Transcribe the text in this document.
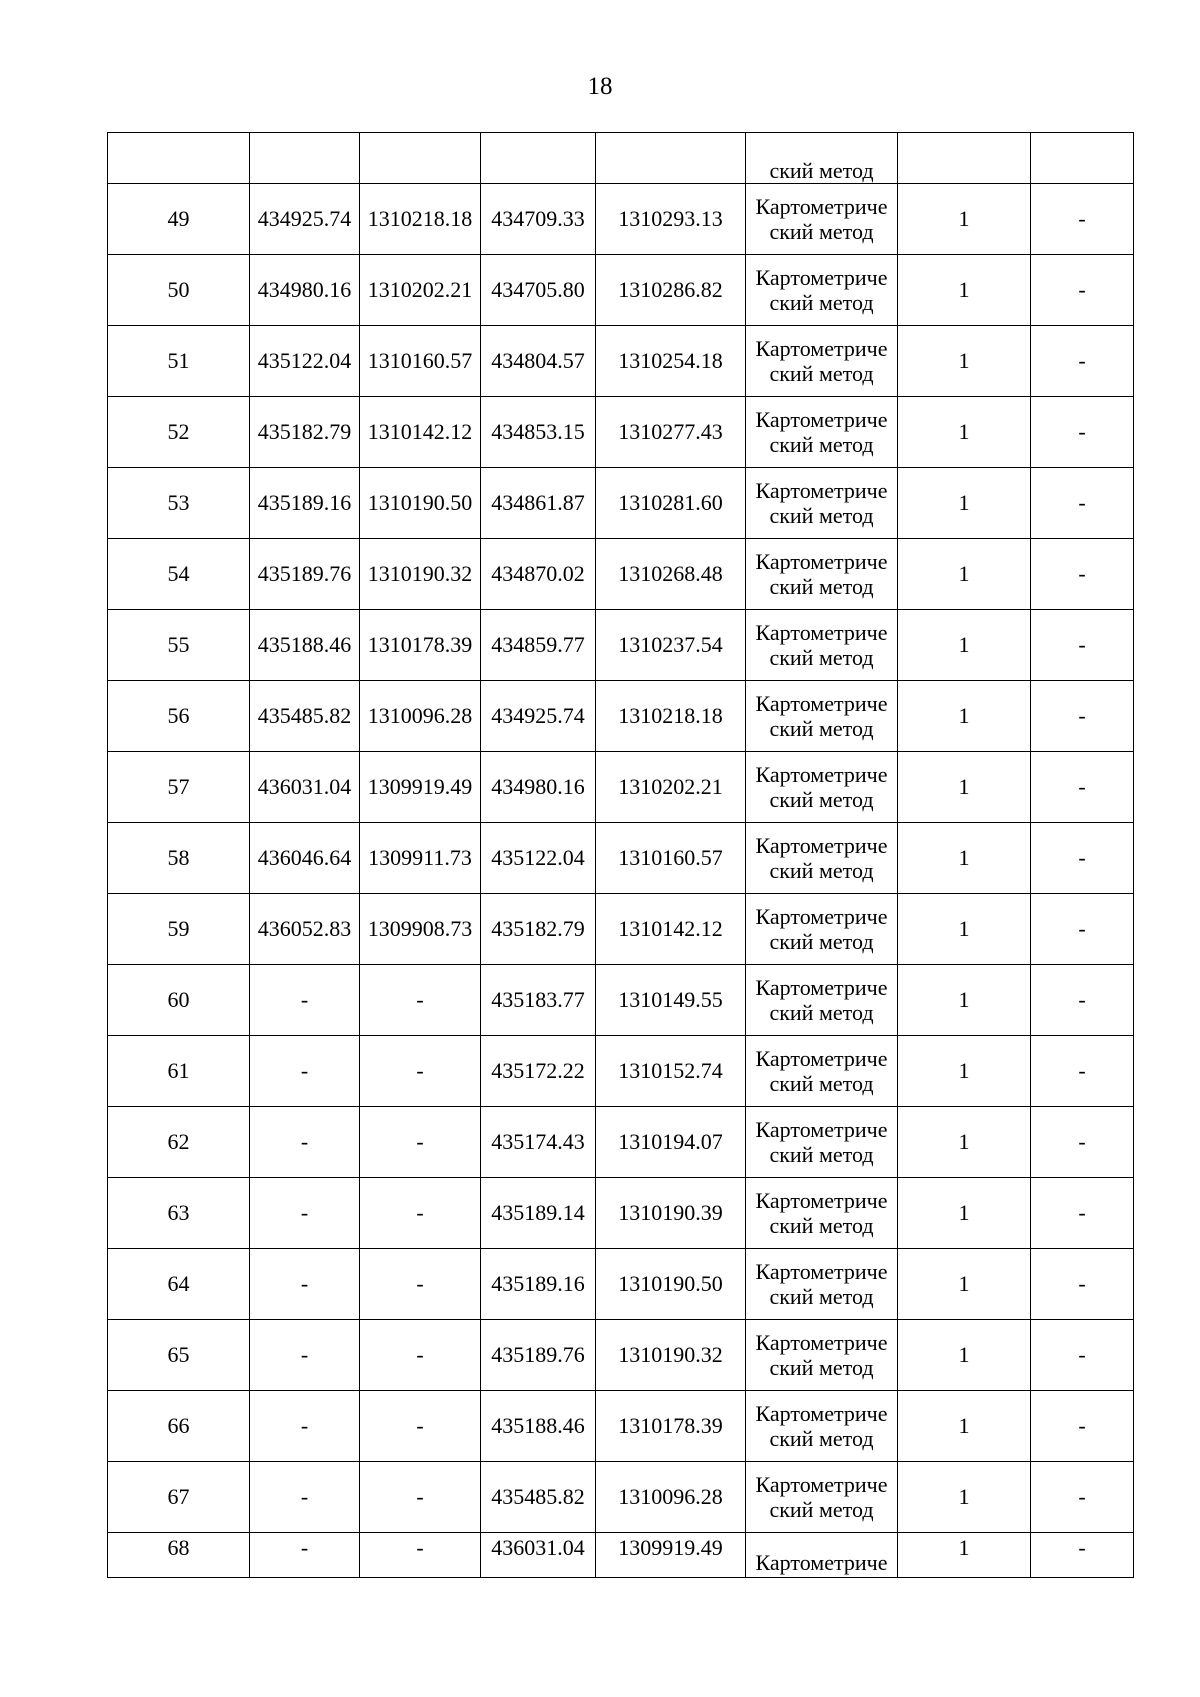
18

					ский метод		

49	434925.74	1310218.18	434709.33	1310293.13	Картометриче
ский метод	1	-
50	434980.16	1310202.21	434705.80	1310286.82	Картометриче
ский метод	1	-
51	435122.04	1310160.57	434804.57	1310254.18	Картометриче
ский метод	1	-
52	435182.79	1310142.12	434853.15	1310277.43	Картометриче
ский метод	1	-
53	435189.16	1310190.50	434861.87	1310281.60	Картометриче
ский метод	1	-
54	435189.76	1310190.32	434870.02	1310268.48	Картометриче
ский метод	1	-
55	435188.46	1310178.39	434859.77	1310237.54	Картометриче
ский метод	1	-
56	435485.82	1310096.28	434925.74	1310218.18	Картометриче
ский метод	1	-
57	436031.04	1309919.49	434980.16	1310202.21	Картометриче
ский метод	1	-
58	436046.64	1309911.73	435122.04	1310160.57	Картометриче
ский метод	1	-
59	436052.83	1309908.73	435182.79	1310142.12	Картометриче
ский метод	1	-
60	-	-	435183.77	1310149.55	Картометриче
ский метод	1	-
61	-	-	435172.22	1310152.74	Картометриче
ский метод	1	-
62	-	-	435174.43	1310194.07	Картометриче
ский метод	1	-
63	-	-	435189.14	1310190.39	Картометриче
ский метод	1	-
64	-	-	435189.16	1310190.50	Картометриче
ский метод	1	-
65	-	-	435189.76	1310190.32	Картометриче
ский метод	1	-
66	-	-	435188.46	1310178.39	Картометриче
ский метод	1	-
67	-	-	435485.82	1310096.28	Картометриче
ский метод	1	-
68	-	-	436031.04	1309919.49	Картометриче	1	-
